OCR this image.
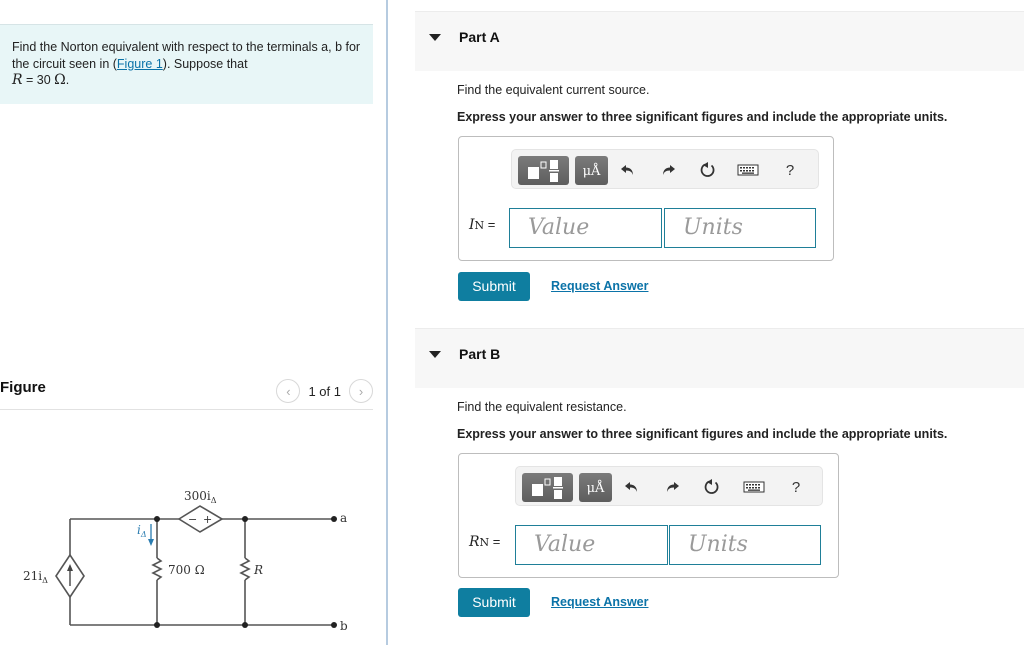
Find the Norton equivalent with respect to the terminals a, b for the circuit seen in (Figure 1). Suppose that
R = 30 Ω.
Figure	‹ 1 of 1 ›
$21i_\Delta$
$300i_\Delta$
− +
$i_\Delta$
700 Ω	R
a
b
Part A
Find the equivalent current source.
Express your answer to three significant figures and include the appropriate units.
μÅ	?
IN =	Value	Units
Submit	Request Answer
Part B
Find the equivalent resistance.
Express your answer to three significant figures and include the appropriate units.
μÅ	?
RN =	Value	Units
Submit	Request Answer
